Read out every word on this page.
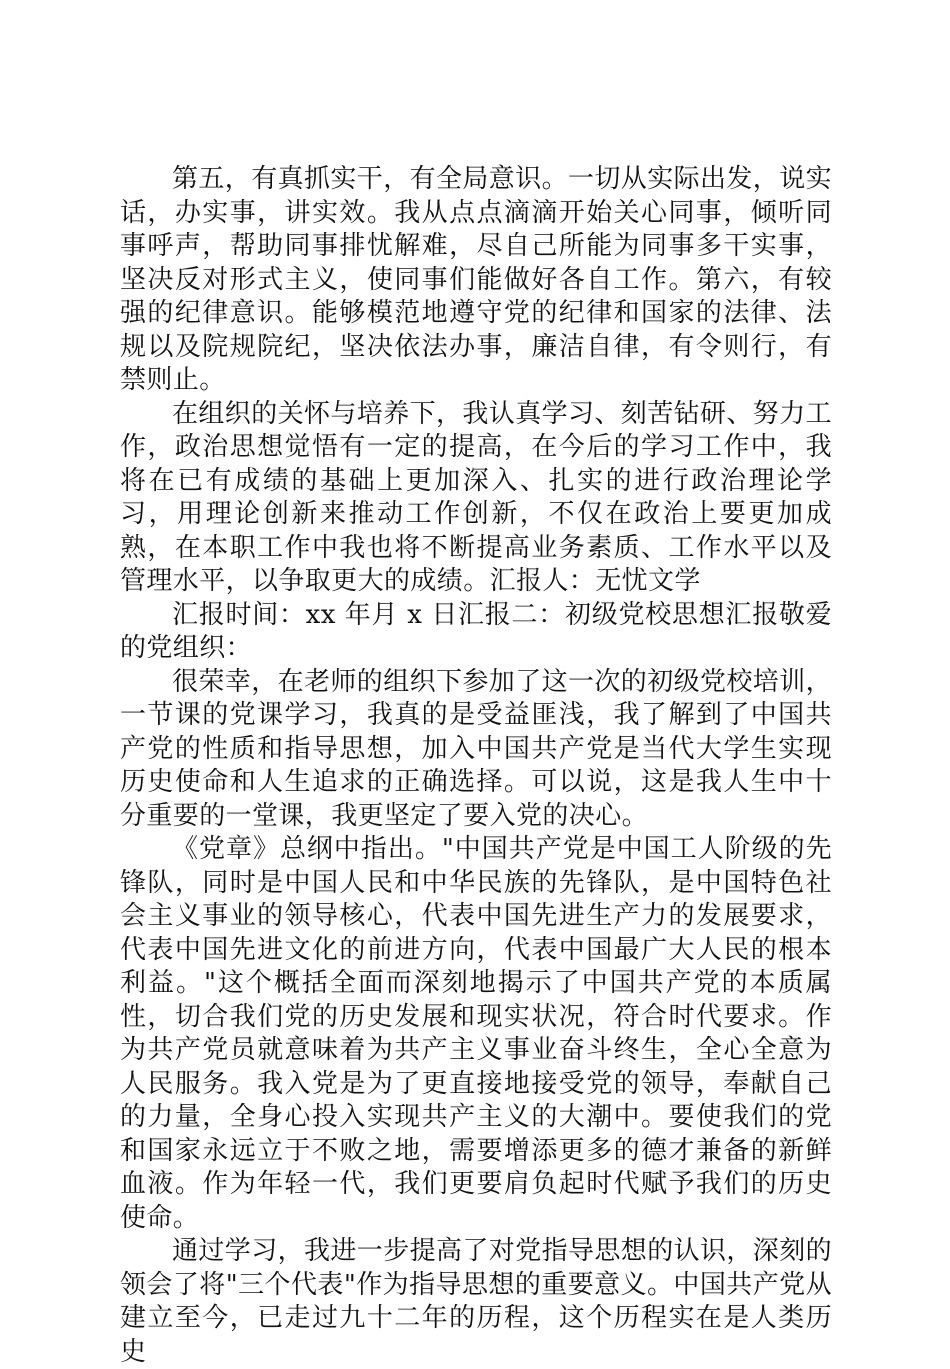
第五，有真抓实干，有全局意识。一切从实际出发，说实话，办实事，讲实效。我从点点滴滴开始关心同事，倾听同事呼声，帮助同事排忧解难，尽自己所能为同事多干实事，坚决反对形式主义，使同事们能做好各自工作。第六，有较强的纪律意识。能够模范地遵守党的纪律和国家的法律、法规以及院规院纪，坚决依法办事，廉洁自律，有令则行，有禁则止。

在组织的关怀与培养下，我认真学习、刻苦钻研、努力工作，政治思想觉悟有一定的提高，在今后的学习工作中，我将在已有成绩的基础上更加深入、扎实的进行政治理论学习，用理论创新来推动工作创新，不仅在政治上要更加成熟，在本职工作中我也将不断提高业务素质、工作水平以及管理水平，以争取更大的成绩。汇报人：无忧文学

汇报时间：xx 年月 x 日汇报二：初级党校思想汇报敬爱的党组织：

很荣幸，在老师的组织下参加了这一次的初级党校培训，一节课的党课学习，我真的是受益匪浅，我了解到了中国共产党的性质和指导思想，加入中国共产党是当代大学生实现历史使命和人生追求的正确选择。可以说，这是我人生中十分重要的一堂课，我更坚定了要入党的决心。

《党章》总纲中指出。"中国共产党是中国工人阶级的先锋队，同时是中国人民和中华民族的先锋队，是中国特色社会主义事业的领导核心，代表中国先进生产力的发展要求，代表中国先进文化的前进方向，代表中国最广大人民的根本利益。"这个概括全面而深刻地揭示了中国共产党的本质属性，切合我们党的历史发展和现实状况，符合时代要求。作为共产党员就意味着为共产主义事业奋斗终生，全心全意为人民服务。我入党是为了更直接地接受党的领导，奉献自己的力量，全身心投入实现共产主义的大潮中。要使我们的党和国家永远立于不败之地，需要增添更多的德才兼备的新鲜血液。作为年轻一代，我们更要肩负起时代赋予我们的历史使命。

通过学习，我进一步提高了对党指导思想的认识，深刻的领会了将"三个代表"作为指导思想的重要意义。中国共产党从建立至今，已走过九十二年的历程，这个历程实在是人类历史
